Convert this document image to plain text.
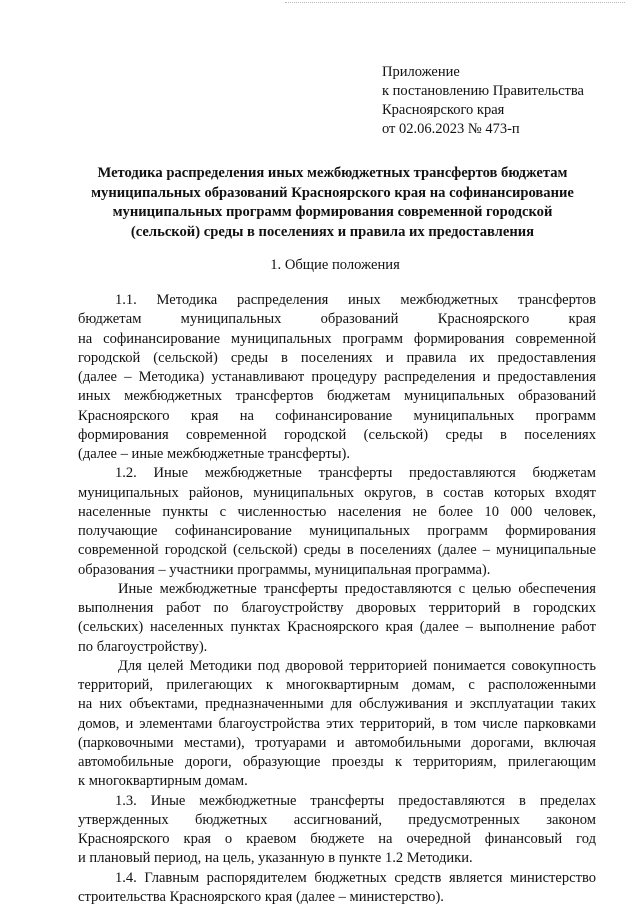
Приложение
к постановлению Правительства
Красноярского края
от 02.06.2023 № 473-п
Методика распределения иных межбюджетных трансфертов бюджетам
муниципальных образований Красноярского края на софинансирование
муниципальных программ формирования современной городской
(сельской) среды в поселениях и правила их предоставления
1. Общие положения
1.1. Методика распределения иных межбюджетных трансфертов
бюджетам муниципальных образований Красноярского края
на софинансирование муниципальных программ формирования современной
городской (сельской) среды в поселениях и правила их предоставления
(далее – Методика) устанавливают процедуру распределения и предоставления
иных межбюджетных трансфертов бюджетам муниципальных образований
Красноярского края на софинансирование муниципальных программ
формирования современной городской (сельской) среды в поселениях
(далее – иные межбюджетные трансферты).
1.2. Иные межбюджетные трансферты предоставляются бюджетам
муниципальных районов, муниципальных округов, в состав которых входят
населенные пункты с численностью населения не более 10 000 человек,
получающие софинансирование муниципальных программ формирования
современной городской (сельской) среды в поселениях (далее – муниципальные
образования – участники программы, муниципальная программа).
Иные межбюджетные трансферты предоставляются с целью обеспечения
выполнения работ по благоустройству дворовых территорий в городских
(сельских) населенных пунктах Красноярского края (далее – выполнение работ
по благоустройству).
Для целей Методики под дворовой территорией понимается совокупность
территорий, прилегающих к многоквартирным домам, с расположенными
на них объектами, предназначенными для обслуживания и эксплуатации таких
домов, и элементами благоустройства этих территорий, в том числе парковками
(парковочными местами), тротуарами и автомобильными дорогами, включая
автомобильные дороги, образующие проезды к территориям, прилегающим
к многоквартирным домам.
1.3. Иные межбюджетные трансферты предоставляются в пределах
утвержденных бюджетных ассигнований, предусмотренных законом
Красноярского края о краевом бюджете на очередной финансовый год
и плановый период, на цель, указанную в пункте 1.2 Методики.
1.4. Главным распорядителем бюджетных средств является министерство
строительства Красноярского края (далее – министерство).
